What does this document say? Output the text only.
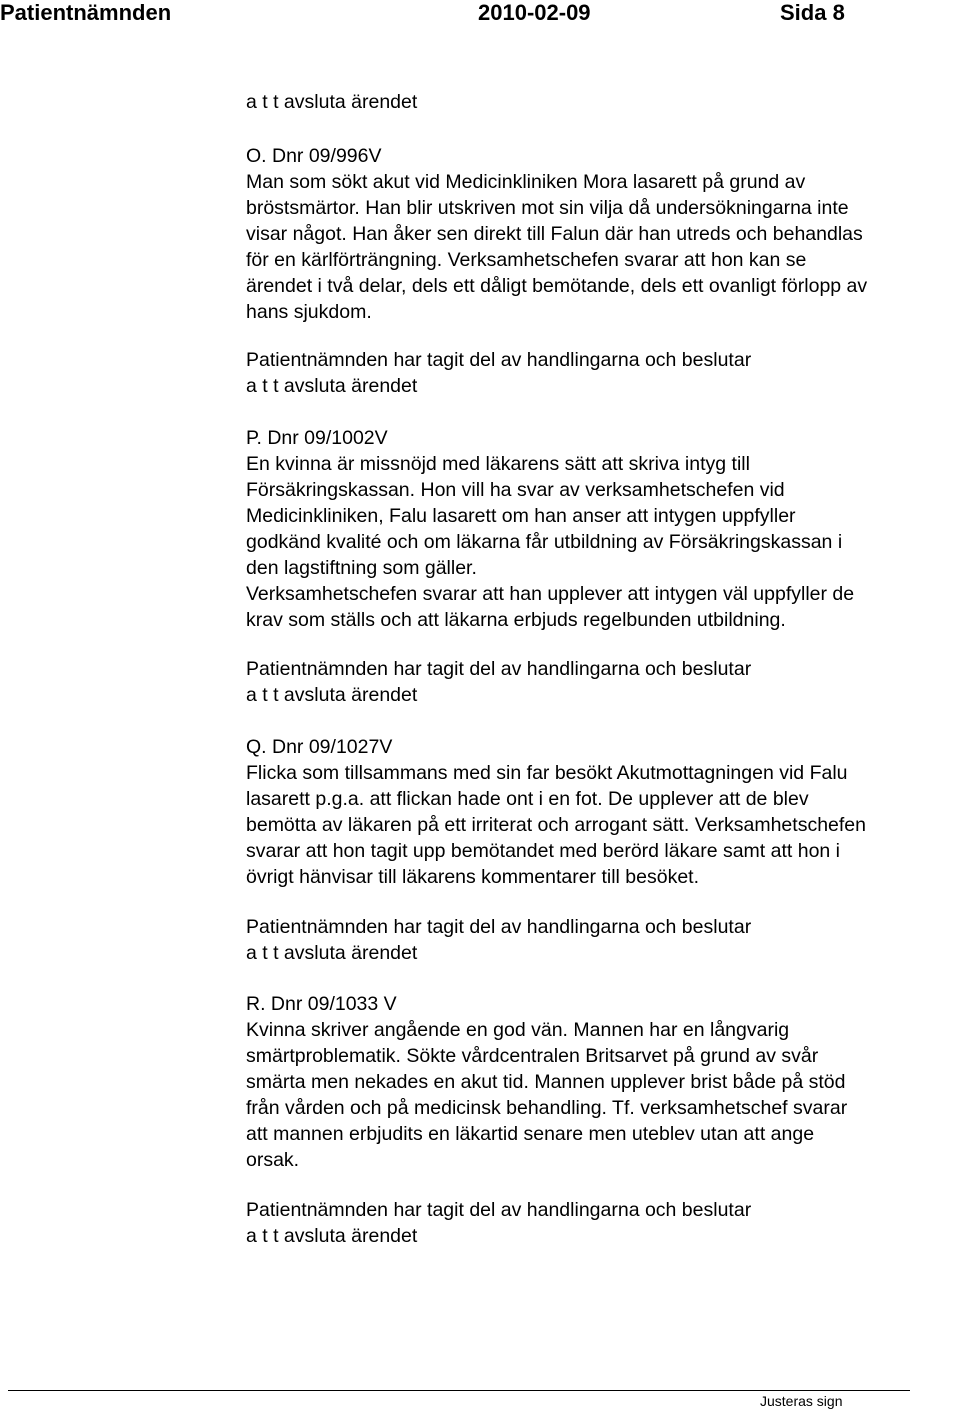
Patientnämnden	2010-02-09	Sida 8
a t t avsluta ärendet
O. Dnr 09/996V
Man som sökt akut vid Medicinkliniken Mora lasarett på grund av
bröstsmärtor. Han blir utskriven mot sin vilja då undersökningarna inte
visar något. Han åker sen direkt till Falun där han utreds och behandlas
för en kärlförträngning. Verksamhetschefen svarar att hon kan se
ärendet i två delar, dels ett dåligt bemötande, dels ett ovanligt förlopp av
hans sjukdom.
Patientnämnden har tagit del av handlingarna och beslutar
a t t avsluta ärendet
P. Dnr 09/1002V
En kvinna är missnöjd med läkarens sätt att skriva intyg till
Försäkringskassan. Hon vill ha svar av verksamhetschefen vid
Medicinkliniken, Falu lasarett om han anser att intygen uppfyller
godkänd kvalité och om läkarna får utbildning av Försäkringskassan i
den lagstiftning som gäller.
Verksamhetschefen svarar att han upplever att intygen väl uppfyller de
krav som ställs och att läkarna erbjuds regelbunden utbildning.
Patientnämnden har tagit del av handlingarna och beslutar
a t t avsluta ärendet
Q. Dnr 09/1027V
Flicka som tillsammans med sin far besökt Akutmottagningen vid Falu
lasarett p.g.a. att flickan hade ont i en fot. De upplever att de blev
bemötta av läkaren på ett irriterat och arrogant sätt. Verksamhetschefen
svarar att hon tagit upp bemötandet med berörd läkare samt att hon i
övrigt hänvisar till läkarens kommentarer till besöket.
Patientnämnden har tagit del av handlingarna och beslutar
a t t avsluta ärendet
R. Dnr 09/1033 V
Kvinna skriver angående en god vän. Mannen har en långvarig
smärtproblematik. Sökte vårdcentralen Britsarvet på grund av svår
smärta men nekades en akut tid. Mannen upplever brist både på stöd
från vården och på medicinsk behandling. Tf. verksamhetschef svarar
att mannen erbjudits en läkartid senare men uteblev utan att ange
orsak.
Patientnämnden har tagit del av handlingarna och beslutar
a t t avsluta ärendet
Justeras sign
